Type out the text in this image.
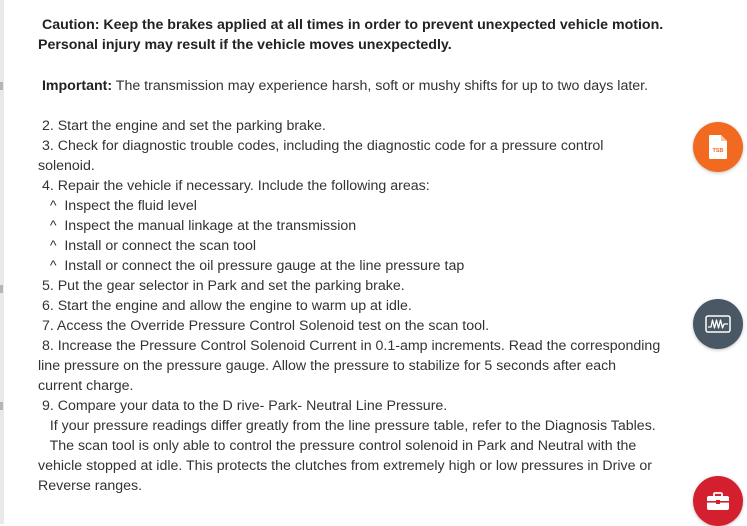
Caution: Keep the brakes applied at all times in order to prevent unexpected vehicle motion.

Personal injury may result if the vehicle moves unexpectedly.

Important: The transmission may experience harsh, soft or mushy shifts for up to two days later.

2. Start the engine and set the parking brake.

3. Check for diagnostic trouble codes, including the diagnostic code for a pressure control

solenoid.

4. Repair the vehicle if necessary. Include the following areas:

^  Inspect the fluid level

^  Inspect the manual linkage at the transmission

^  Install or connect the scan tool

^  Install or connect the oil pressure gauge at the line pressure tap

5. Put the gear selector in Park and set the parking brake.

6. Start the engine and allow the engine to warm up at idle.

7. Access the Override Pressure Control Solenoid test on the scan tool.

8. Increase the Pressure Control Solenoid Current in 0.1-amp increments. Read the corresponding

line pressure on the pressure gauge. Allow the pressure to stabilize for 5 seconds after each

current charge.

9. Compare your data to the D rive- Park- Neutral Line Pressure.

If your pressure readings differ greatly from the line pressure table, refer to the Diagnosis Tables.

The scan tool is only able to control the pressure control solenoid in Park and Neutral with the

vehicle stopped at idle. This protects the clutches from extremely high or low pressures in Drive or

Reverse ranges.

TSB
